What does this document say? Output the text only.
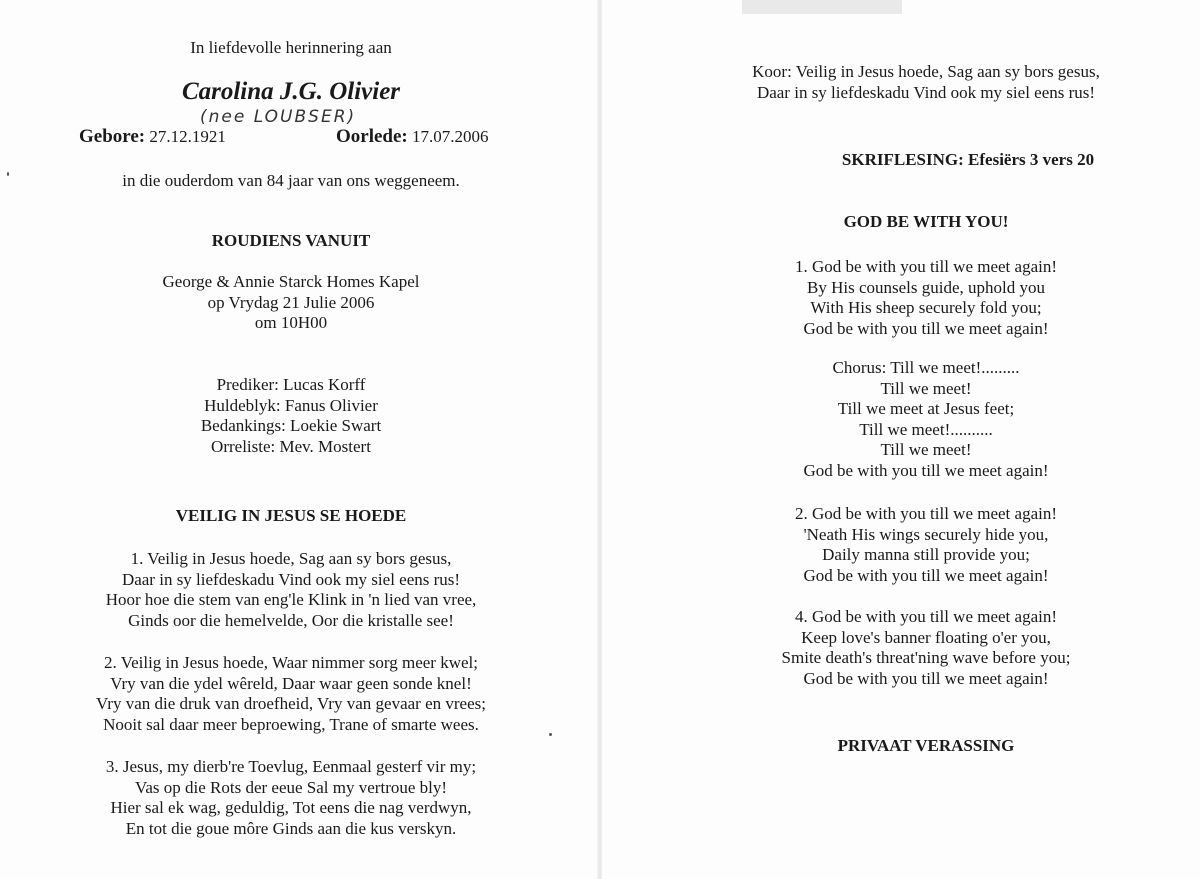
In liefdevolle herinnering aan
Carolina J.G. Olivier
(nee LOUBSER)
Gebore: 27.12.1921	Oorlede: 17.07.2006
in die ouderdom van 84 jaar van ons weggeneem.
ROUDIENS VANUIT
George & Annie Starck Homes Kapel
op Vrydag 21 Julie 2006
om 10H00
Prediker: Lucas Korff
Huldeblyk: Fanus Olivier
Bedankings: Loekie Swart
Orreliste: Mev. Mostert
VEILIG IN JESUS SE HOEDE
1. Veilig in Jesus hoede, Sag aan sy bors gesus,
Daar in sy liefdeskadu Vind ook my siel eens rus!
Hoor hoe die stem van eng'le Klink in 'n lied van vree,
Ginds oor die hemelvelde, Oor die kristalle see!
2. Veilig in Jesus hoede, Waar nimmer sorg meer kwel;
Vry van die ydel wêreld, Daar waar geen sonde knel!
Vry van die druk van droefheid, Vry van gevaar en vrees;
Nooit sal daar meer beproewing, Trane of smarte wees.
3. Jesus, my dierb're Toevlug, Eenmaal gesterf vir my;
Vas op die Rots der eeue Sal my vertroue bly!
Hier sal ek wag, geduldig, Tot eens die nag verdwyn,
En tot die goue môre Ginds aan die kus verskyn.
Koor: Veilig in Jesus hoede, Sag aan sy bors gesus,
Daar in sy liefdeskadu Vind ook my siel eens rus!
SKRIFLESING: Efesiërs 3 vers 20
GOD BE WITH YOU!
1. God be with you till we meet again!
By His counsels guide, uphold you
With His sheep securely fold you;
God be with you till we meet again!
Chorus: Till we meet!.........
Till we meet!
Till we meet at Jesus feet;
Till we meet!..........
Till we meet!
God be with you till we meet again!
2. God be with you till we meet again!
'Neath His wings securely hide you,
Daily manna still provide you;
God be with you till we meet again!
4. God be with you till we meet again!
Keep love's banner floating o'er you,
Smite death's threat'ning wave before you;
God be with you till we meet again!
PRIVAAT VERASSING
